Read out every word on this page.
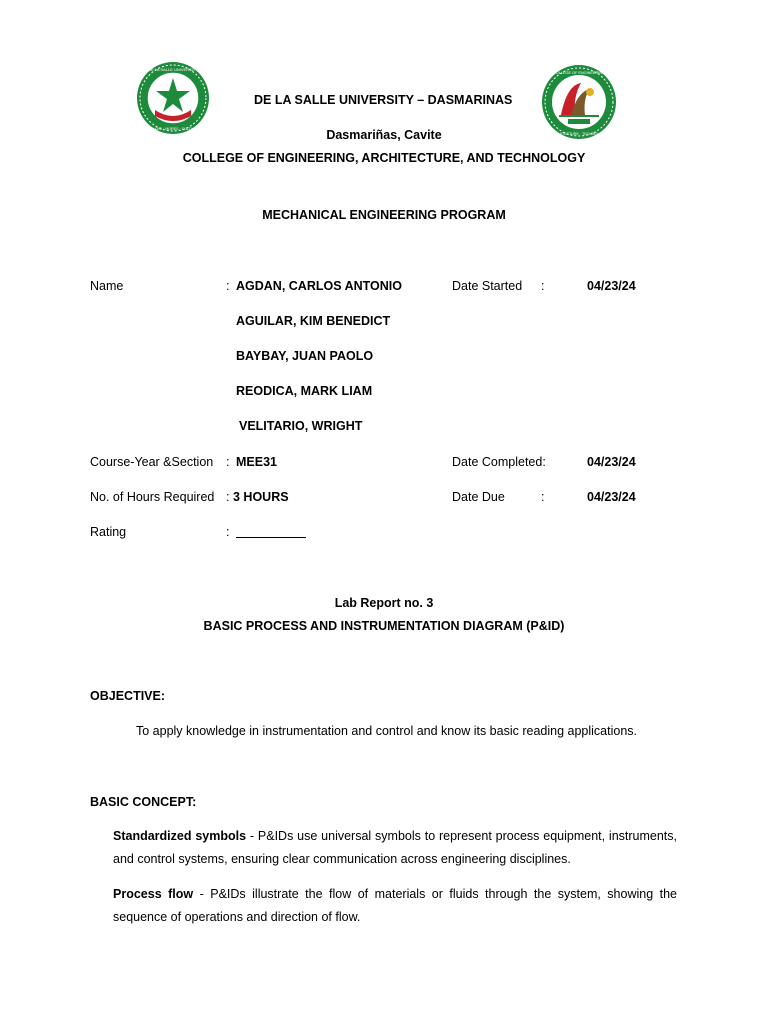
DE LA SALLE UNIVERSITY
RELIGIO · MORES · CULTURA
COLLEGE OF ENGINEERING
ARCHITECTURE · TECHNOLOGY
DE LA SALLE UNIVERSITY – DASMARINAS
Dasmariñas, Cavite
COLLEGE OF ENGINEERING, ARCHITECTURE, AND TECHNOLOGY
MECHANICAL ENGINEERING PROGRAM
Name	: AGDAN, CARLOS ANTONIO
AGUILAR, KIM BENEDICT
BAYBAY, JUAN PAOLO
REODICA, MARK LIAM
VELITARIO, WRIGHT
Date Started :	04/23/24
Course-Year &Section : MEE31	Date Completed:	04/23/24
No. of Hours Required : 3 HOURS	Date Due	:	04/23/24
Rating	:
Lab Report no. 3
BASIC PROCESS AND INSTRUMENTATION DIAGRAM (P&ID)
OBJECTIVE:
To apply knowledge in instrumentation and control and know its basic reading applications.
BASIC CONCEPT:
Standardized symbols - P&IDs use universal symbols to represent process equipment, instruments, and control systems, ensuring clear communication across engineering disciplines.
Process flow - P&IDs illustrate the flow of materials or fluids through the system, showing the sequence of operations and direction of flow.
